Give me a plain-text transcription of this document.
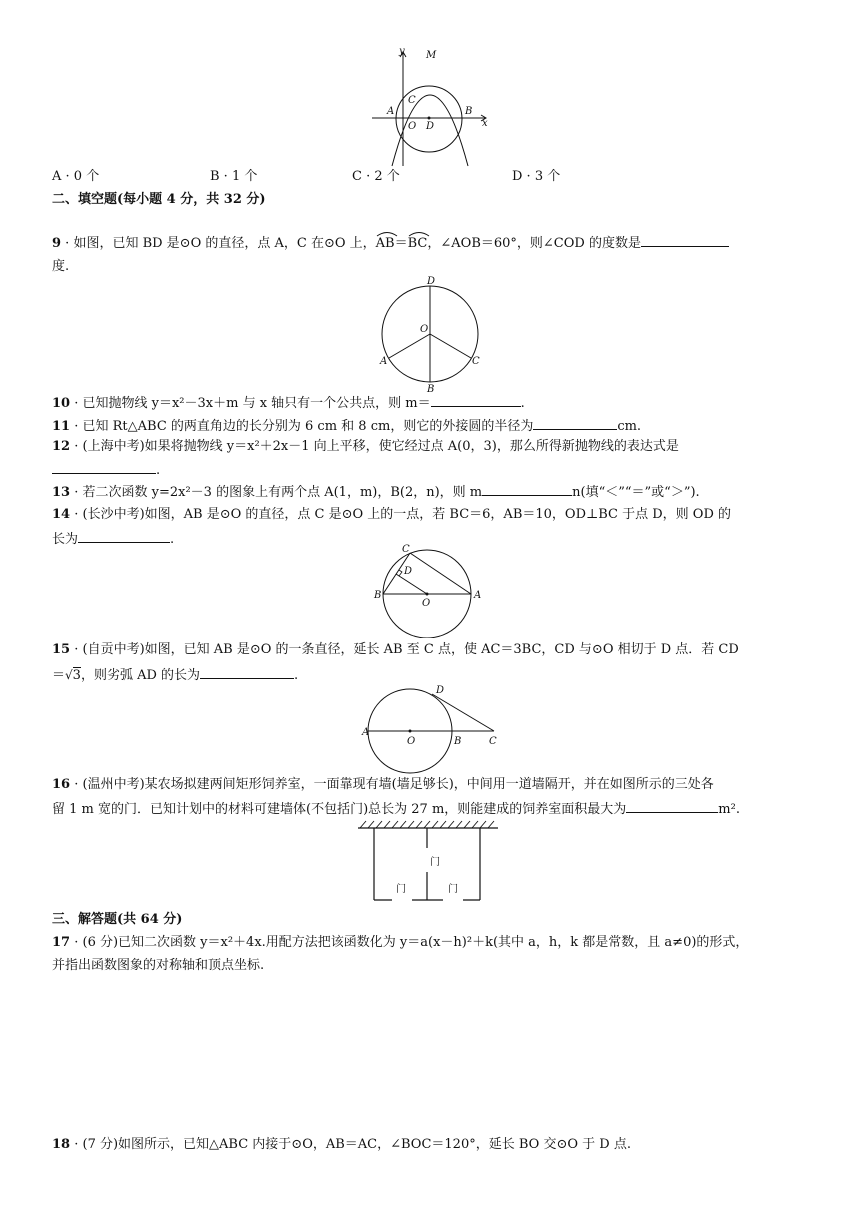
y M
C
A	B
O D	x
A · 0 个	B · 1 个	C · 2 个	D · 3 个
二、填空题(每小题 4 分，共 32 分)
9 · 如图，已知 BD 是⊙O 的直径，点 A，C 在⊙O 上，
AB＝
BC，∠AOB＝60°，则∠COD 的度数是
度.
D
O
A	C
B
10 · 已知抛物线 y＝x²－3x＋m 与 x 轴只有一个公共点，则 m＝	.
11 · 已知 Rt△ABC 的两直角边的长分别为 6 cm 和 8 cm，则它的外接圆的半径为	cm.
12 · (上海中考)如果将抛物线 y＝x²＋2x－1 向上平移，使它经过点 A(0，3)，那么所得新抛物线的表达式是
.
13 · 若二次函数 y=2x²－3 的图象上有两个点 A(1，m)，B(2，n)，则 m	n(填“＜”“＝”或“＞”).
14 · (长沙中考)如图，AB 是⊙O 的直径，点 C 是⊙O 上的一点，若 BC＝6，AB＝10，OD⊥BC 于点 D，则 OD 的
长为	.
C
D
B
O
A
15 · (自贡中考)如图，已知 AB 是⊙O 的一条直径，延长 AB 至 C 点，使 AC＝3BC，CD 与⊙O 相切于 D 点．若 CD
＝√3，则劣弧 AD 的长为	.
D
A
O	B	C
16 · (温州中考)某农场拟建两间矩形饲养室，一面靠现有墙(墙足够长)，中间用一道墙隔开，并在如图所示的三处各
留 1 m 宽的门．已知计划中的材料可建墙体(不包括门)总长为 27 m，则能建成的饲养室面积最大为	m².
门
门	门
三、解答题(共 64 分)
17 · (6 分)已知二次函数 y＝x²＋4x.用配方法把该函数化为 y＝a(x－h)²＋k(其中 a，h，k 都是常数，且 a≠0)的形式，
并指出函数图象的对称轴和顶点坐标.
18 · (7 分)如图所示，已知△ABC 内接于⊙O，AB＝AC，∠BOC＝120°，延长 BO 交⊙O 于 D 点.
